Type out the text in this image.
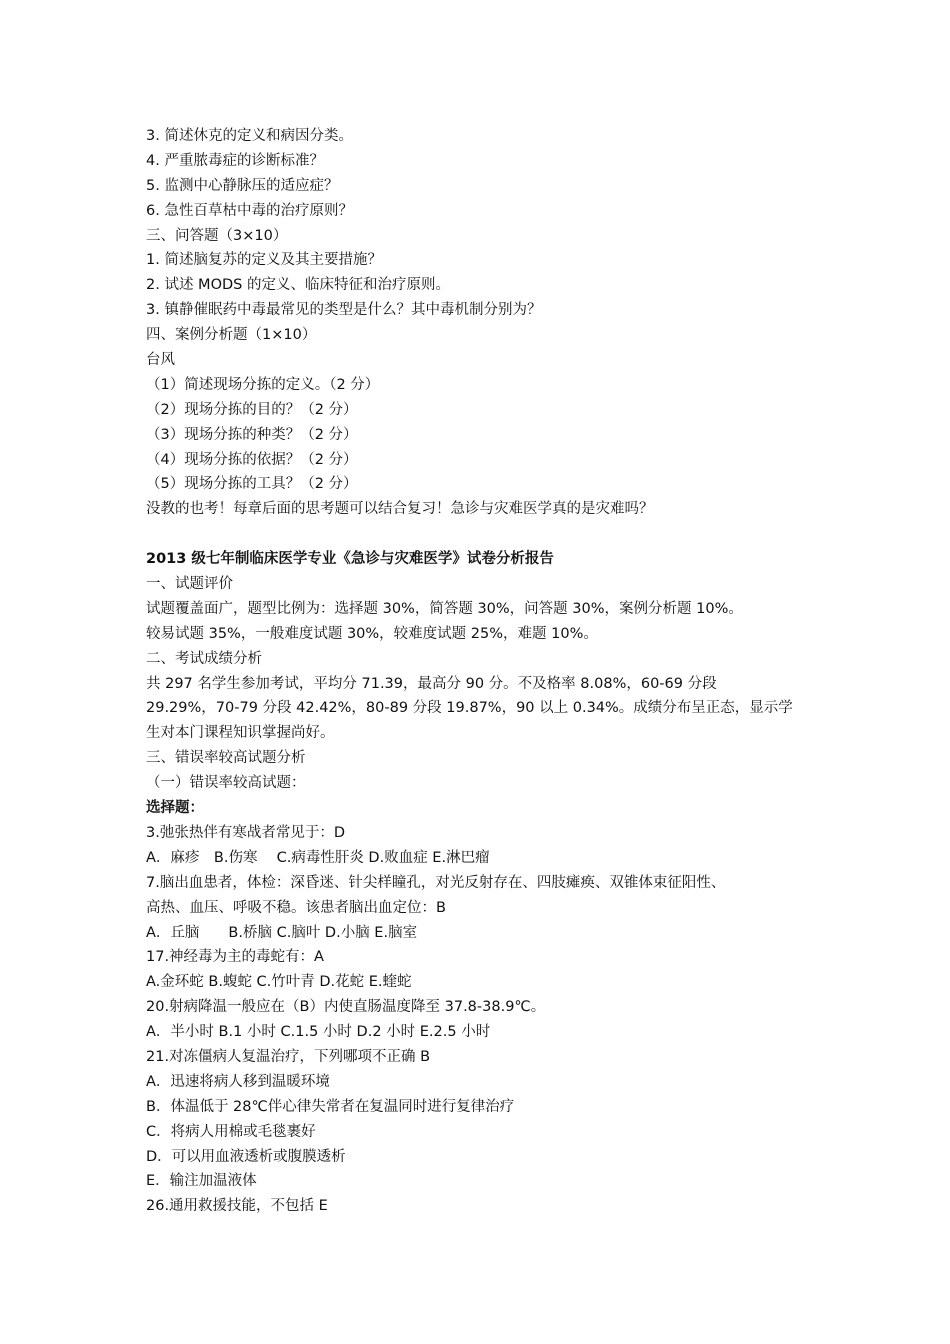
3. 简述休克的定义和病因分类。
4. 严重脓毒症的诊断标准？
5. 监测中心静脉压的适应症？
6. 急性百草枯中毒的治疗原则？
三、问答题（3×10）
1. 简述脑复苏的定义及其主要措施？
2. 试述 MODS 的定义、临床特征和治疗原则。
3. 镇静催眠药中毒最常见的类型是什么？其中毒机制分别为？
四、案例分析题（1×10）
台风
（1）简述现场分拣的定义。（2 分）
（2）现场分拣的目的？（2 分）
（3）现场分拣的种类？（2 分）
（4）现场分拣的依据？（2 分）
（5）现场分拣的工具？（2 分）
没教的也考！每章后面的思考题可以结合复习！急诊与灾难医学真的是灾难吗？
2013 级七年制临床医学专业《急诊与灾难医学》试卷分析报告
一、试题评价
试题覆盖面广，题型比例为：选择题 30%，简答题 30%，问答题 30%，案例分析题 10%。
较易试题 35%，一般难度试题 30%，较难度试题 25%，难题 10%。
二、考试成绩分析
共 297 名学生参加考试，平均分 71.39，最高分 90 分。不及格率 8.08%，60-69 分段
29.29%，70-79 分段 42.42%，80-89 分段 19.87%，90 以上 0.34%。成绩分布呈正态，显示学
生对本门课程知识掌握尚好。
三、错误率较高试题分析
（一）错误率较高试题：
选择题：
3.弛张热伴有寒战者常见于：D
A．麻疹　B.伤寒　 C.病毒性肝炎 D.败血症 E.淋巴瘤
7.脑出血患者，体检：深昏迷、针尖样瞳孔，对光反射存在、四肢瘫痪、双锥体束征阳性、
高热、血压、呼吸不稳。该患者脑出血定位：B
A．丘脑　　B.桥脑 C.脑叶 D.小脑 E.脑室
17.神经毒为主的毒蛇有：A
A.金环蛇 B.蝮蛇 C.竹叶青 D.花蛇 E.蝰蛇
20.射病降温一般应在（B）内使直肠温度降至 37.8-38.9℃。
A．半小时 B.1 小时 C.1.5 小时 D.2 小时 E.2.5 小时
21.对冻僵病人复温治疗，下列哪项不正确 B
A．迅速将病人移到温暖环境
B．体温低于 28℃伴心律失常者在复温同时进行复律治疗
C．将病人用棉或毛毯裹好
D．可以用血液透析或腹膜透析
E．输注加温液体
26.通用救援技能，不包括 E
